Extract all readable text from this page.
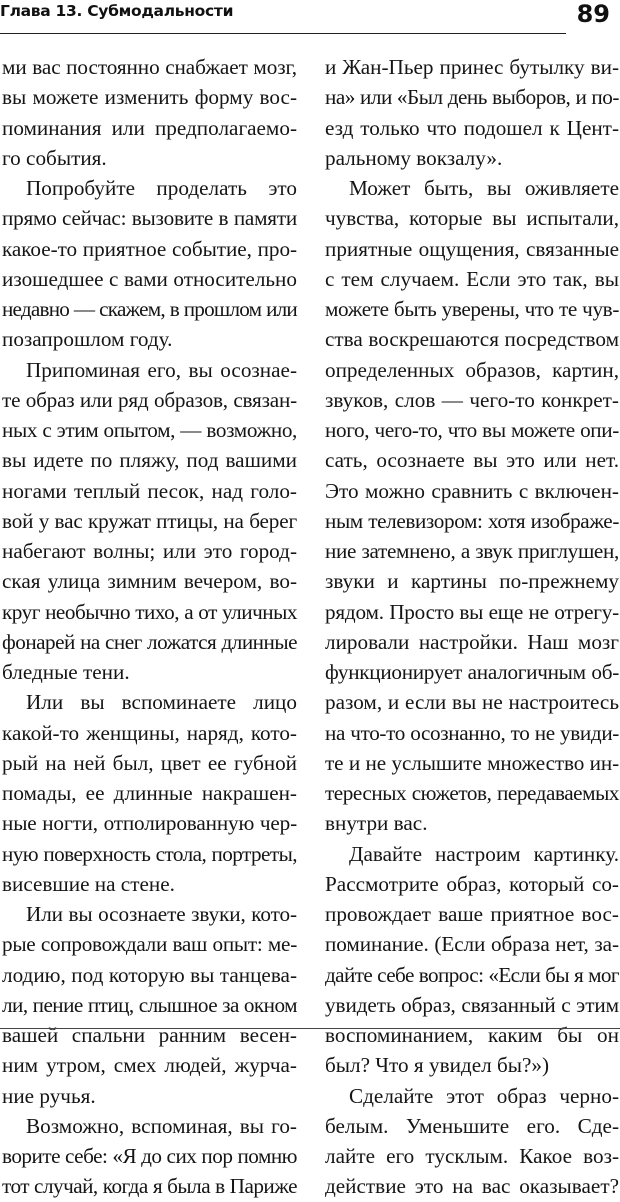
Глава 13. Субмодальности	89
ми вас постоянно снабжает мозг,
вы можете изменить форму вос-
поминания или предполагаемо-
го события.
Попробуйте проделать это
прямо сейчас: вызовите в памяти
какое-то приятное событие, про-
изошедшее с вами относительно
недавно — скажем, в прошлом или
позапрошлом году.
Припоминая его, вы осознае-
те образ или ряд образов, связан-
ных с этим опытом, — возможно,
вы идете по пляжу, под вашими
ногами теплый песок, над голо-
вой у вас кружат птицы, на берег
набегают волны; или это город-
ская улица зимним вечером, во-
круг необычно тихо, а от уличных
фонарей на снег ложатся длинные
бледные тени.
Или вы вспоминаете лицо
какой-то женщины, наряд, кото-
рый на ней был, цвет ее губной
помады, ее длинные накрашен-
ные ногти, отполированную чер-
ную поверхность стола, портреты,
висевшие на стене.
Или вы осознаете звуки, кото-
рые сопровождали ваш опыт: ме-
лодию, под которую вы танцева-
ли, пение птиц, слышное за окном
вашей спальни ранним весен-
ним утром, смех людей, журча-
ние ручья.
Возможно, вспоминая, вы го-
ворите себе: «Я до сих пор помню
тот случай, когда я была в Париже
и Жан-Пьер принес бутылку ви-
на» или «Был день выборов, и по-
езд только что подошел к Цент-
ральному вокзалу».
Может быть, вы оживляете
чувства, которые вы испытали,
приятные ощущения, связанные
с тем случаем. Если это так, вы
можете быть уверены, что те чув-
ства воскрешаются посредством
определенных образов, картин,
звуков, слов — чего-то конкрет-
ного, чего-то, что вы можете опи-
сать, осознаете вы это или нет.
Это можно сравнить с включен-
ным телевизором: хотя изображе-
ние затемнено, а звук приглушен,
звуки и картины по-прежнему
рядом. Просто вы еще не отрегу-
лировали настройки. Наш мозг
функционирует аналогичным об-
разом, и если вы не настроитесь
на что-то осознанно, то не увиди-
те и не услышите множество ин-
тересных сюжетов, передаваемых
внутри вас.
Давайте настроим картинку.
Рассмотрите образ, который со-
провождает ваше приятное вос-
поминание. (Если образа нет, за-
дайте себе вопрос: «Если бы я мог
увидеть образ, связанный с этим
воспоминанием, каким бы он
был? Что я увидел бы?»)
Сделайте этот образ черно-
белым. Уменьшите его. Сде-
лайте его тусклым. Какое воз-
действие это на вас оказывает?
